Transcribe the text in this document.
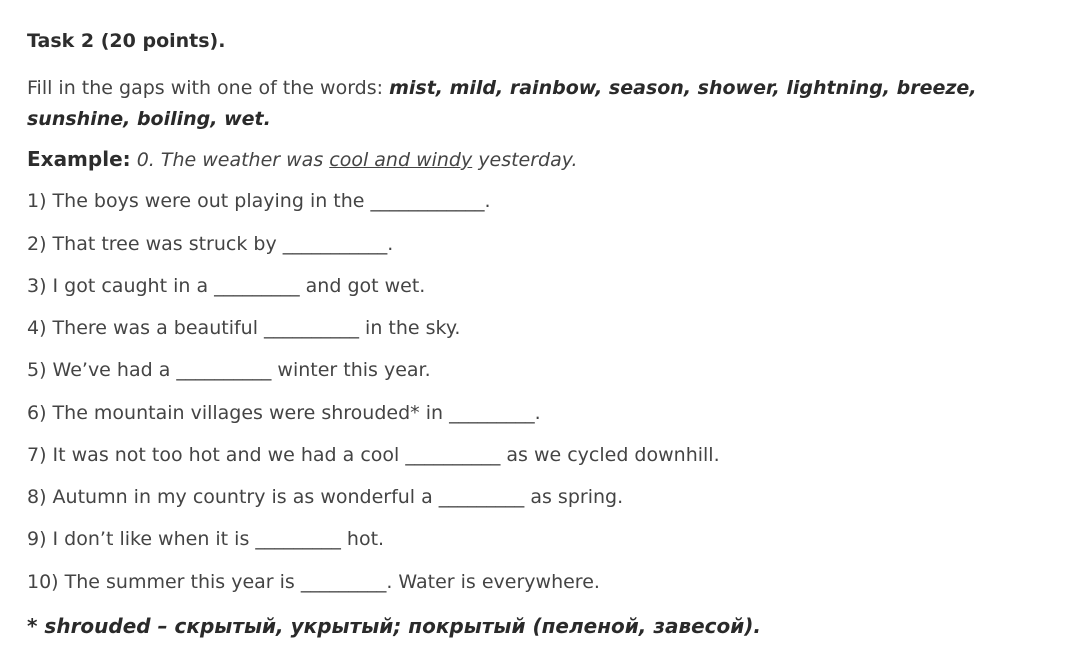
Task 2 (20 points).
Fill in the gaps with one of the words: mist, mild, rainbow, season, shower, lightning, breeze, sunshine, boiling, wet.
Example: 0. The weather was cool and windy yesterday.
1) The boys were out playing in the ____________.
2) That tree was struck by ___________.
3) I got caught in a _________ and got wet.
4) There was a beautiful __________ in the sky.
5) We’ve had a __________ winter this year.
6) The mountain villages were shrouded* in _________.
7) It was not too hot and we had a cool __________ as we cycled downhill.
8) Autumn in my country is as wonderful a _________ as spring.
9) I don’t like when it is _________ hot.
10) The summer this year is _________. Water is everywhere.
* shrouded – скрытый, укрытый; покрытый (пеленой, завесой).
